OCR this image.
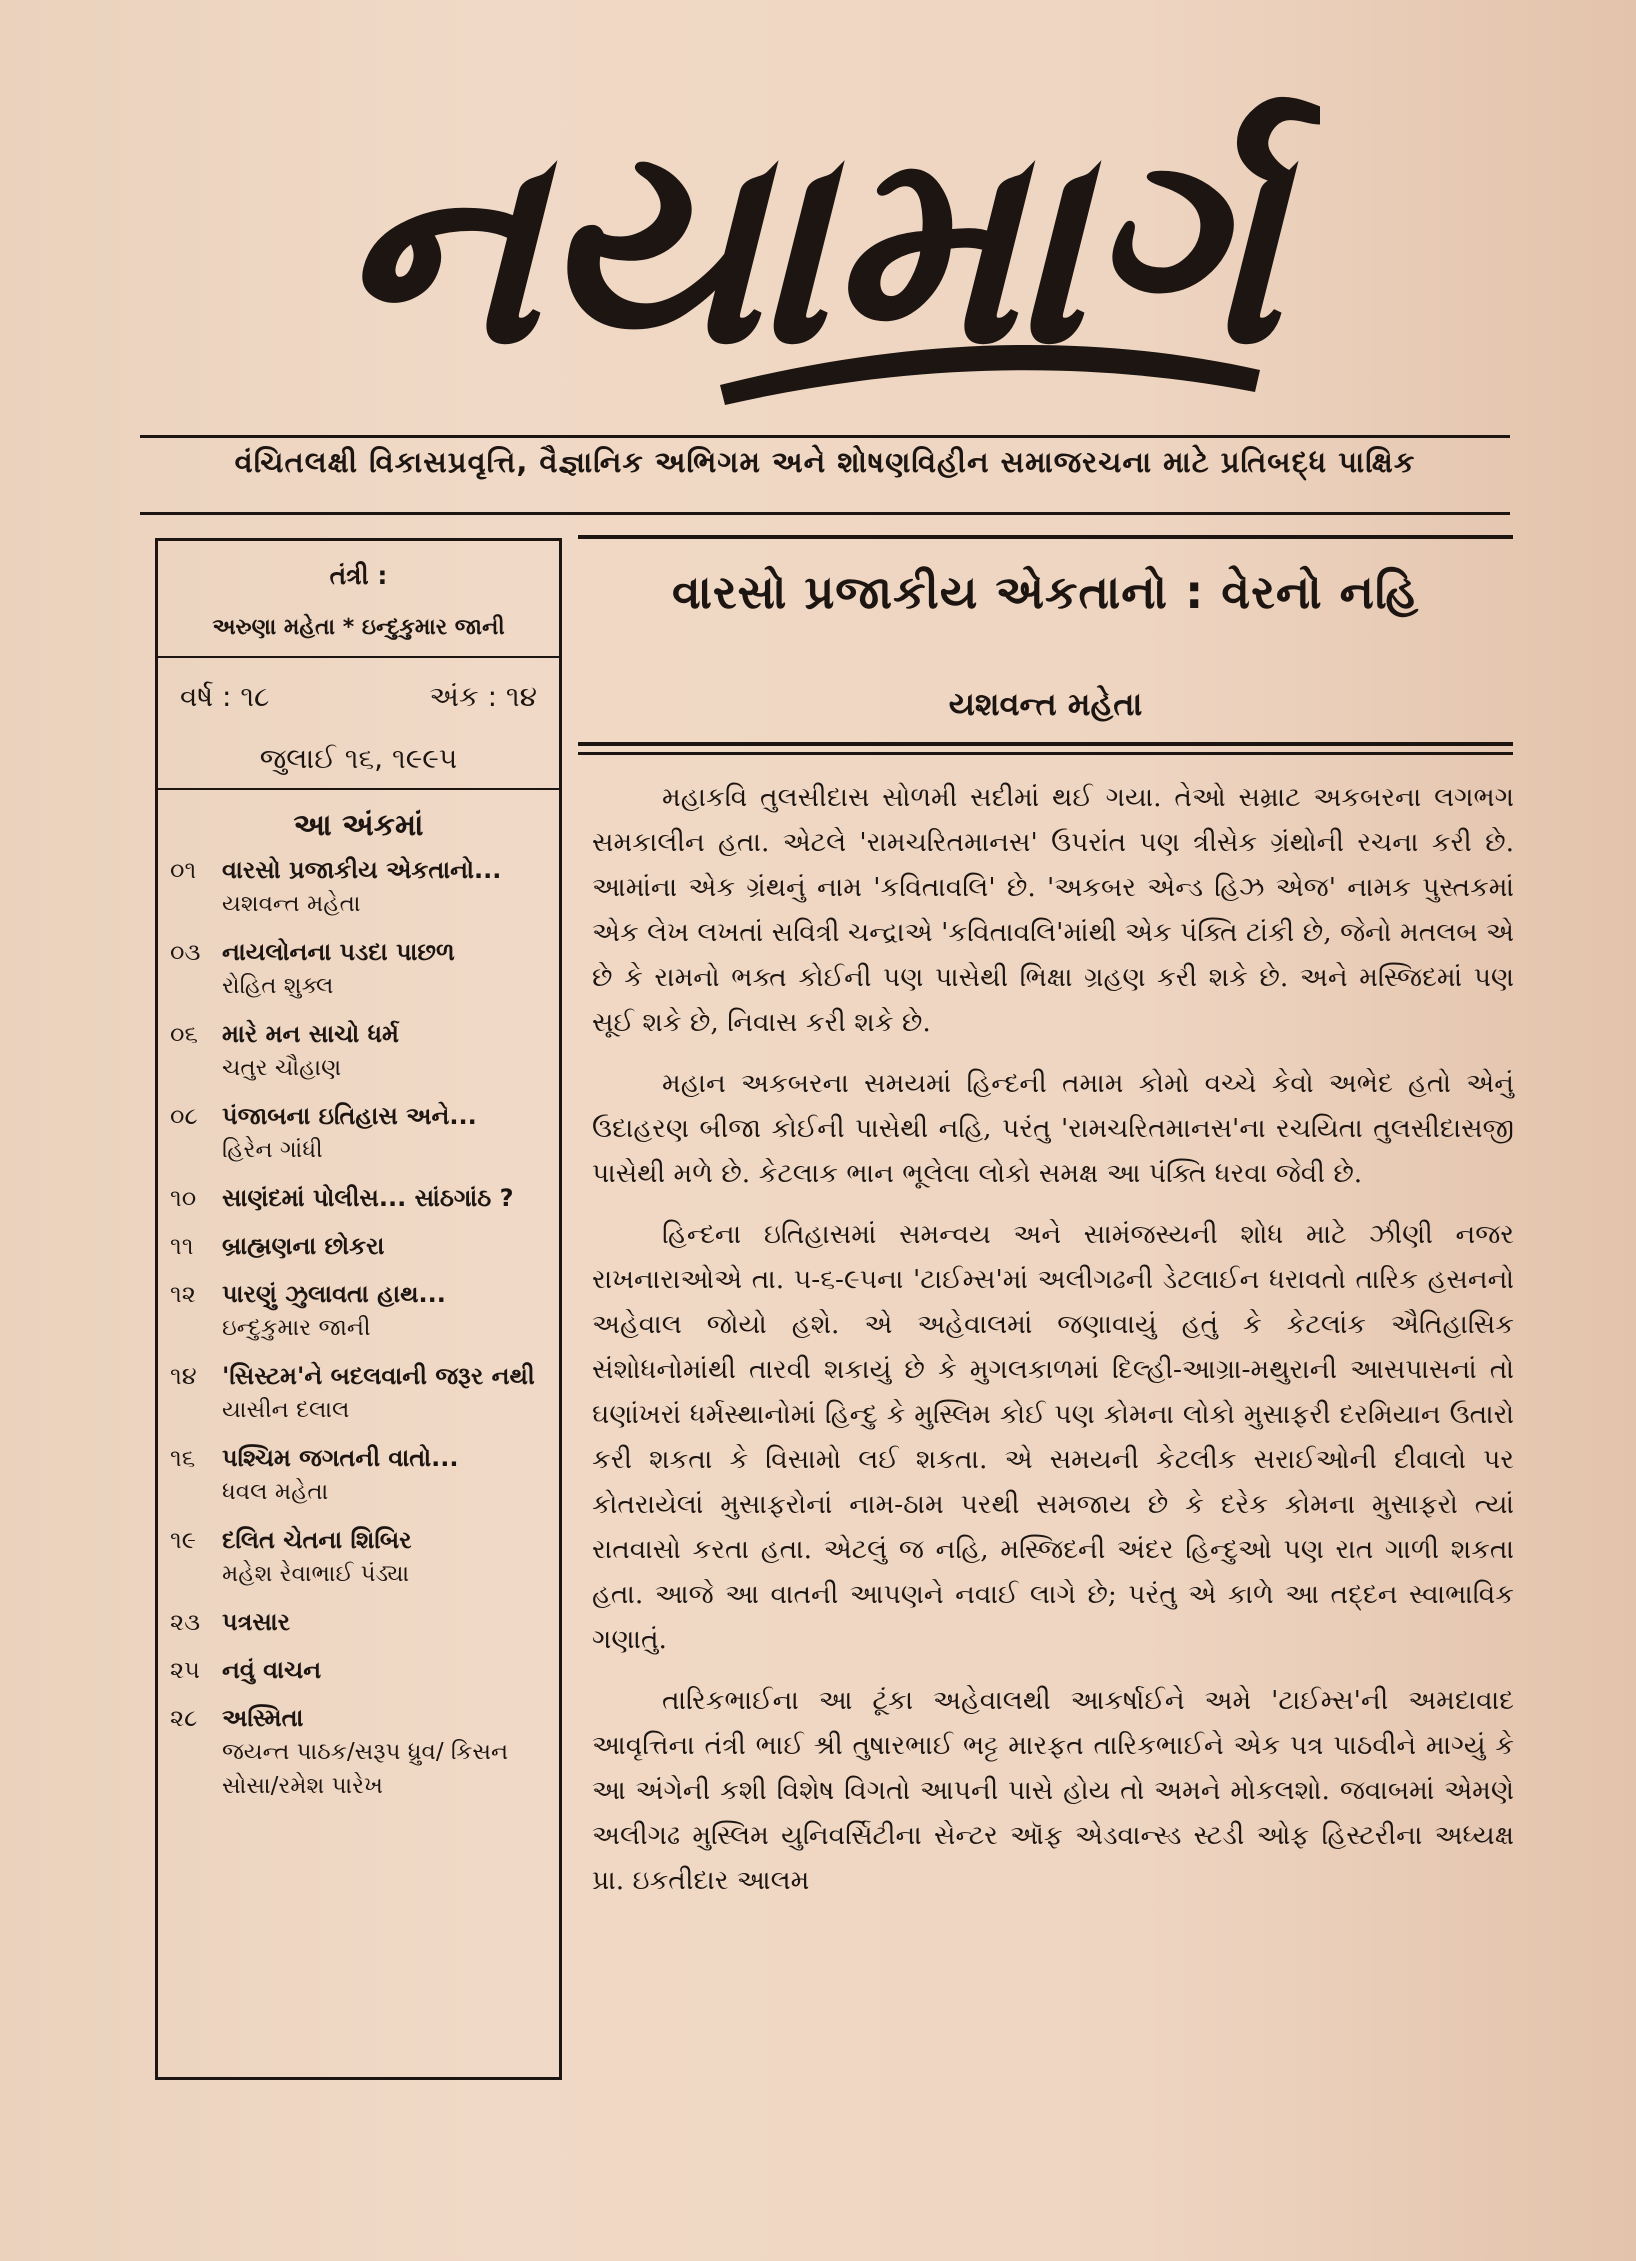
નયામાર્ગ
વંચિતલક્ષી વિકાસપ્રવૃત્તિ, વૈજ્ઞાનિક અભિગમ અને શોષણવિહીન સમાજરચના માટે પ્રતિબદ્ધ પાક્ષિક
તંત્રી :
અરુણા મહેતા * ઇન્દુકુમાર જાની
વર્ષ : ૧૮	અંક : ૧૪
જુલાઈ ૧૬, ૧૯૯૫
આ અંકમાં
૦૧	વારસો પ્રજાકીય એકતાનો...
યશવન્ત મહેતા
૦૩ નાયલોનના પડદા પાછળ
રોહિત શુક્લ
૦૬	મારે મન સાચો ધર્મ
ચતુર ચૌહાણ
૦૮	પંજાબના ઇતિહાસ અને...
હિરેન ગાંધી
૧૦	સાણંદમાં પોલીસ... સાંઠગાંઠ ?
૧૧	બ્રાહ્મણના છોકરા
૧૨	પારણું ઝુલાવતા હાથ...
ઇન્દુકુમાર જાની
૧૪	'સિસ્ટમ'ને બદલવાની જરૂર નથી
યાસીન દલાલ
૧૬	પશ્ચિમ જગતની વાતો...
ધવલ મહેતા
૧૯	દલિત ચેતના શિબિર
મહેશ રેવાભાઈ પંડ્યા
૨૩ પત્રસાર
૨૫ નવું વાચન
૨૮	અસ્મિતા
જયન્ત પાઠક/સરૂપ ધ્રુવ/ કિસન સોસા/રમેશ પારેખ
વારસો પ્રજાકીય એકતાનો : વેરનો નહિ
યશવન્ત મહેતા

મહાકવિ તુલસીદાસ સોળમી સદીમાં થઈ ગયા. તેઓ સમ્રાટ અકબરના લગભગ સમકાલીન હતા. એટલે 'રામચરિતમાનસ' ઉપરાંત પણ ત્રીસેક ગ્રંથોની રચના કરી છે. આમાંના એક ગ્રંથનું નામ 'કવિતાવલિ' છે. 'અકબર એન્ડ હિઝ એજ' નામક પુસ્તકમાં એક લેખ લખતાં સવિત્રી ચન્દ્રાએ 'કવિતાવલિ'માંથી એક પંક્તિ ટાંકી છે, જેનો મતલબ એ છે કે રામનો ભક્ત કોઈની પણ પાસેથી ભિક્ષા ગ્રહણ કરી શકે છે. અને મસ્જિદમાં પણ સૂઈ શકે છે, નિવાસ કરી શકે છે.

મહાન અકબરના સમયમાં હિન્દની તમામ કોમો વચ્ચે કેવો અભેદ હતો એનું ઉદાહરણ બીજા કોઈની પાસેથી નહિ, પરંતુ 'રામચરિતમાનસ'ના રચયિતા તુલસીદાસજી પાસેથી મળે છે. કેટલાક ભાન ભૂલેલા લોકો સમક્ષ આ પંક્તિ ધરવા જેવી છે.

હિન્દના ઇતિહાસમાં સમન્વય અને સામંજસ્યની શોધ માટે ઝીણી નજર રાખનારાઓએ તા. ૫-૬-૯૫ના 'ટાઈમ્સ'માં અલીગઢની ડેટલાઈન ધરાવતો તારિક હસનનો અહેવાલ જોયો હશે. એ અહેવાલમાં જણાવાયું હતું કે કેટલાંક ઐતિહાસિક સંશોધનોમાંથી તારવી શકાયું છે કે મુગલકાળમાં દિલ્હી-આગ્રા-મથુરાની આસપાસનાં તો ઘણાંખરાં ધર્મસ્થાનોમાં હિન્દુ કે મુસ્લિમ કોઈ પણ કોમના લોકો મુસાફરી દરમિયાન ઉતારો કરી શકતા કે વિસામો લઈ શકતા. એ સમયની કેટલીક સરાઈઓની દીવાલો પર કોતરાયેલાં મુસાફરોનાં નામ-ઠામ પરથી સમજાય છે કે દરેક કોમના મુસાફરો ત્યાં રાતવાસો કરતા હતા. એટલું જ નહિ, મસ્જિદની અંદર હિન્દુઓ પણ રાત ગાળી શકતા હતા. આજે આ વાતની આપણને નવાઈ લાગે છે; પરંતુ એ કાળે આ તદ્દન સ્વાભાવિક ગણાતું.

તારિકભાઈના આ ટૂંકા અહેવાલથી આકર્ષાઈને અમે 'ટાઈમ્સ'ની અમદાવાદ આવૃત્તિના તંત્રી ભાઈ શ્રી તુષારભાઈ ભટ્ટ મારફત તારિકભાઈને એક પત્ર પાઠવીને માગ્યું કે આ અંગેની કશી વિશેષ વિગતો આપની પાસે હોય તો અમને મોકલશો. જવાબમાં એમણે અલીગઢ મુસ્લિમ યુનિવર્સિટીના સેન્ટર ઑફ એડવાન્સ્ડ સ્ટડી ઓફ હિસ્ટરીના અધ્યક્ષ પ્રા. ઇકતીદાર આલમ
